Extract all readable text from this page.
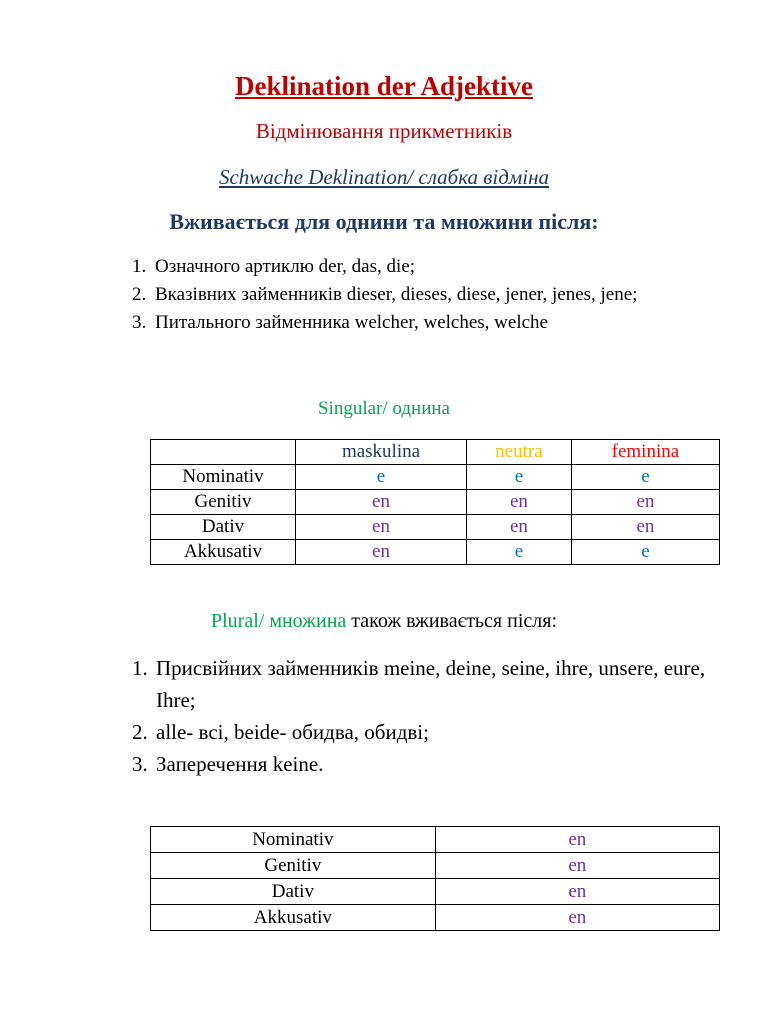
Deklination der Adjektive
Відмінювання прикметників
Schwache Deklination/ слабка відміна
Вживається для однини та множини після:
1. Означного артиклю der, das, die;
2. Вказівних займенників dieser, dieses, diese, jener, jenes, jene;
3. Питального займенника welcher, welches, welche
Singular/ однина
	maskulina	neutra	feminina
Nominativ	e	e	e
Genitiv	en	en	en
Dativ	en	en	en
Akkusativ	en	e	e
Plural/ множина також вживається після:
1. Присвійних займенників meine, deine, seine, ihre, unsere, eure, Ihre;
2. alle- всі, beide- обидва, обидві;
3. Заперечення keine.
Nominativ	en
Genitiv	en
Dativ	en
Akkusativ	en
